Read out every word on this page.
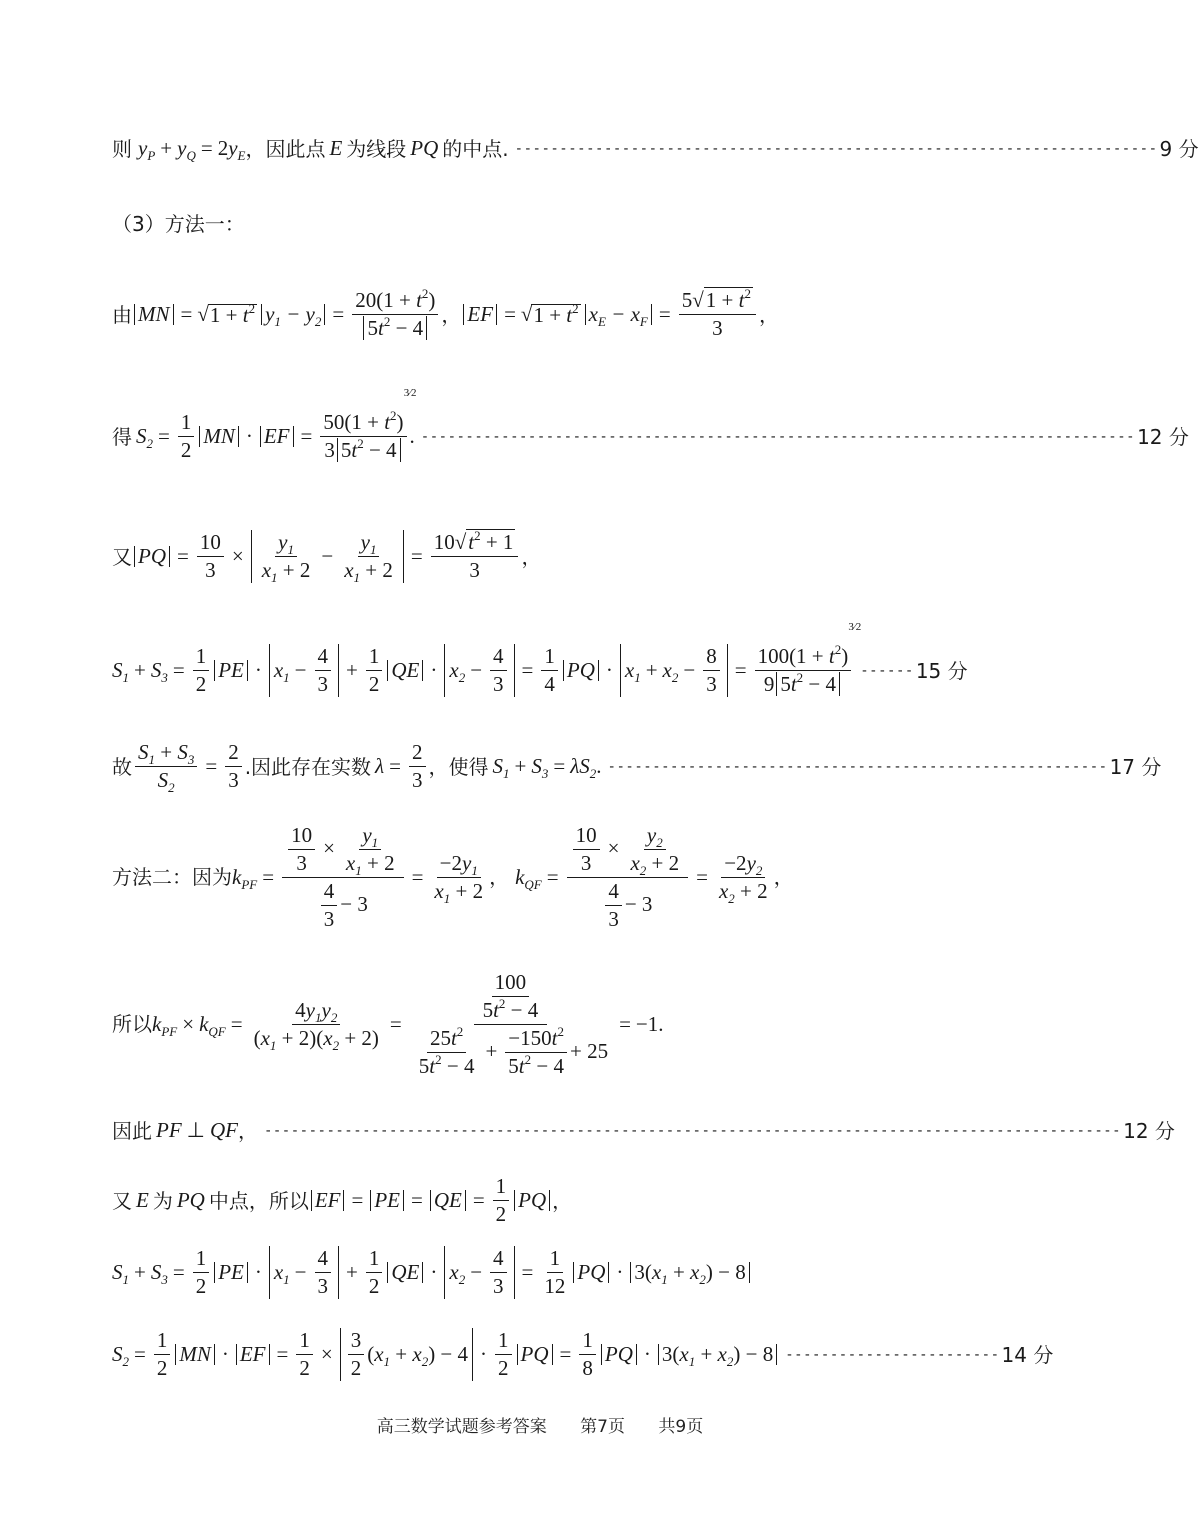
则 $y_P + y_Q = 2$ $y_E$ ，因此点 E 为线段 PQ 的中点. ------------------------------------------------------------------------ 9 分
（3）方法一：
由 MN = √ $1 + t^2$ $y_1 - y_2 = \frac{20(1 + t^2)}{5t^2 - 4}$ ， EF = √ $1 + t^2$ $x_E - x_F = \frac{5√1 + t^2}{3}$ ，
得 $S_2 = \frac{1}{2}$ MN · EF = $50(1 + t^2)$
3⁄2
3 $5t^2 - 4$ . -------------------------------------------------------------------------------- 12 分
又 PQ = $\frac{10}{3} \times \frac{y_1}{x_1 + 2} - \frac{y_1}{x_1 + 2} = \frac{10√t^2 + 1}{3}$ ，
$S_1 + S_3 = \frac{1}{2}$ PE · $x_1 - \frac{4}{3} + \frac{1}{2}$ QE · $x_2 - \frac{4}{3} = \frac{1}{4}$ PQ · $x_1 + x_2 - \frac{8}{3} = 100(1 + t^2)$
3⁄2
9 $5t^2 - 4$ ------ 15 分
故 $\frac{S_1 + S_3}{S_2} = \frac{2}{3}$ .因此存在实数 $\lambda = \frac{2}{3}$ ，使得 $S_1 + S_3 = \lambda S_2$ . -------------------------------------------------------- 17 分
方法二：因为 $k_{PF} = \frac{\frac{10}{3} \times \frac{y_1}{x_1 + 2}}{\frac{4}{3} - 3} = \frac{-2y_1}{x_1 + 2}$ ， $k_{QF} = \frac{\frac{10}{3} \times \frac{y_2}{x_2 + 2}}{\frac{4}{3} - 3} = \frac{-2y_2}{x_2 + 2}$ ，
所以 $k_{PF} \times k_{QF} = \frac{4y_1y_2}{(x_1 + 2)(x_2 + 2)} = \frac{\frac{100}{5t^2 - 4}}{\frac{25t^2}{5t^2 - 4} + \frac{-150t^2}{5t^2 - 4} + 25} = -1$ .
因此 PF ⊥ QF ， ------------------------------------------------------------------------------------------------ 12 分
又 E 为 PQ 中点，所以 EF = PE = QE = $\frac{1}{2}$ PQ ，
$S_1 + S_3 = \frac{1}{2}$ PE · $x_1 - \frac{4}{3} + \frac{1}{2}$ QE · $x_2 - \frac{4}{3} = \frac{1}{12}$ PQ · $3(x_1 + x_2) - 8$
$S_2 = \frac{1}{2}$ MN · EF = $\frac{1}{2} \times \frac{3}{2} (x_1 + x_2) - 4 \cdot \frac{1}{2}$ PQ = $\frac{1}{8}$ PQ · $3(x_1 + x_2) - 8$ ------------------------ 14 分
高三数学试题参考答案 第7页 共9页
